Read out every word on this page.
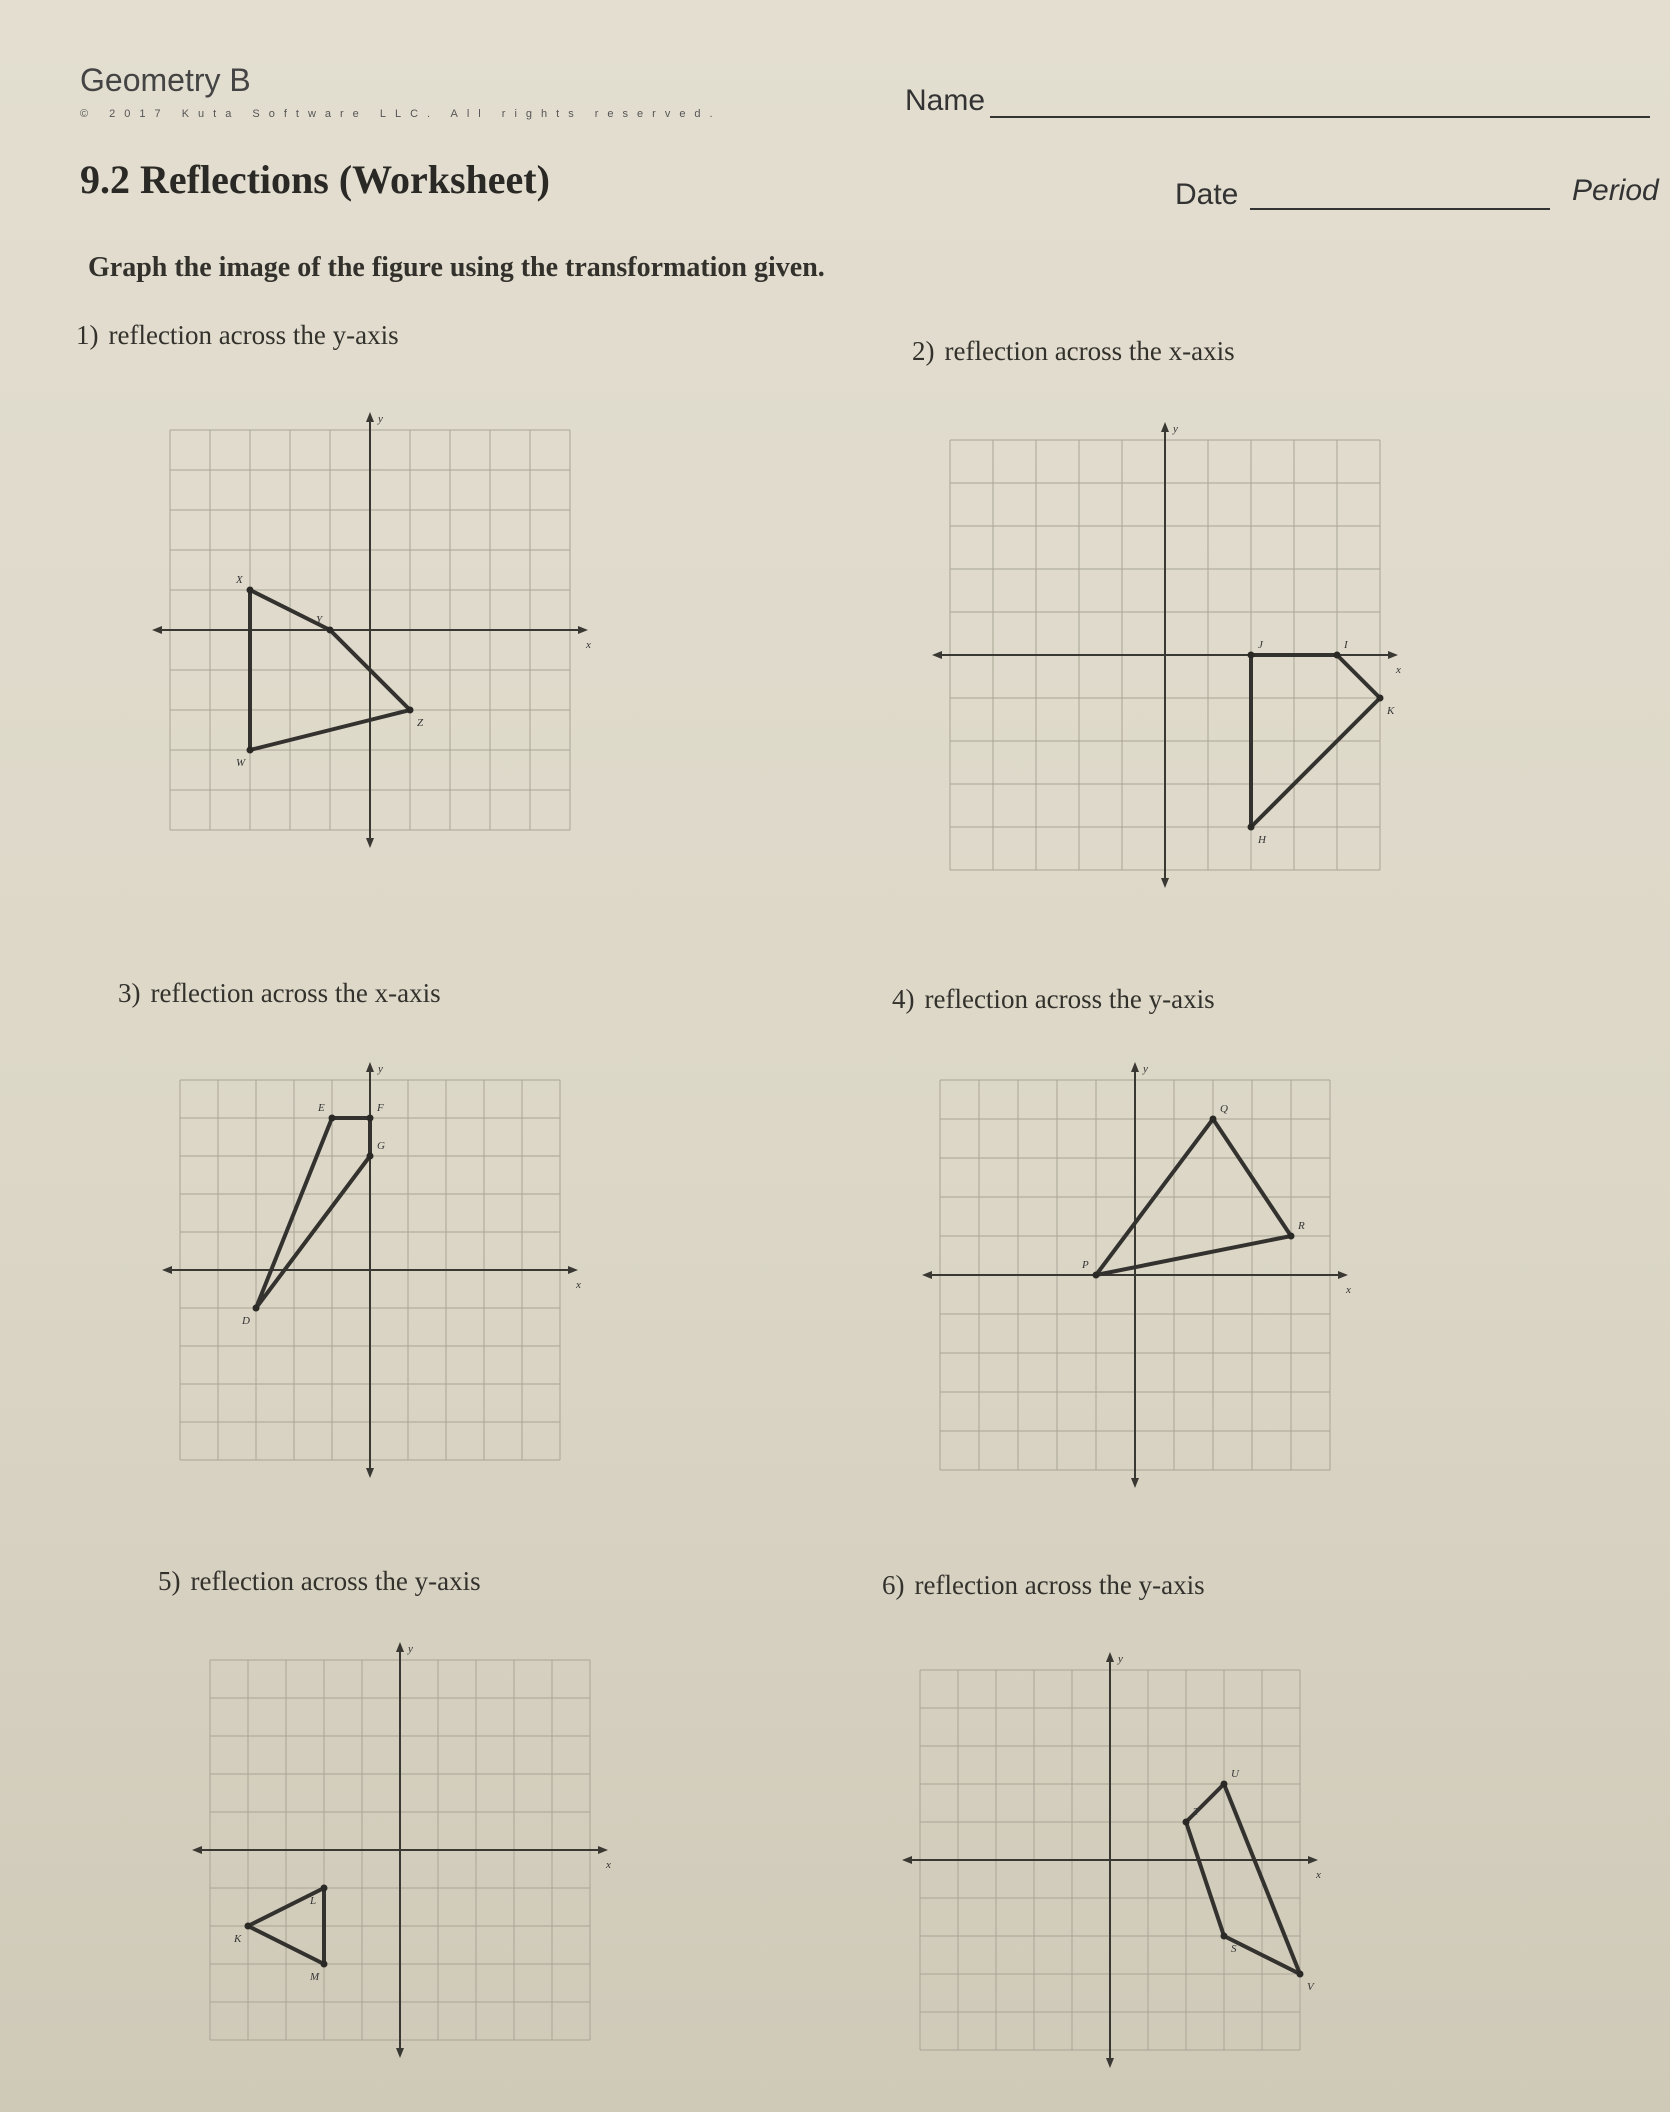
Geometry B
© 2017 Kuta Software LLC. All rights reserved.	Name
9.2 Reflections (Worksheet)	Date	Period
Graph the image of the figure using the transformation given.
1) reflection across the y-axis
2) reflection across the x-axis
3) reflection across the x-axis	4) reflection across the y-axis
5) reflection across the y-axis	6) reflection across the y-axis
x
y
X
Y
Z
W
x
y
J	I
K
H
x
y
E	F
G
D
x
y
Q
R
P
x
y
L
K
M
x
y
U
T
S
V
